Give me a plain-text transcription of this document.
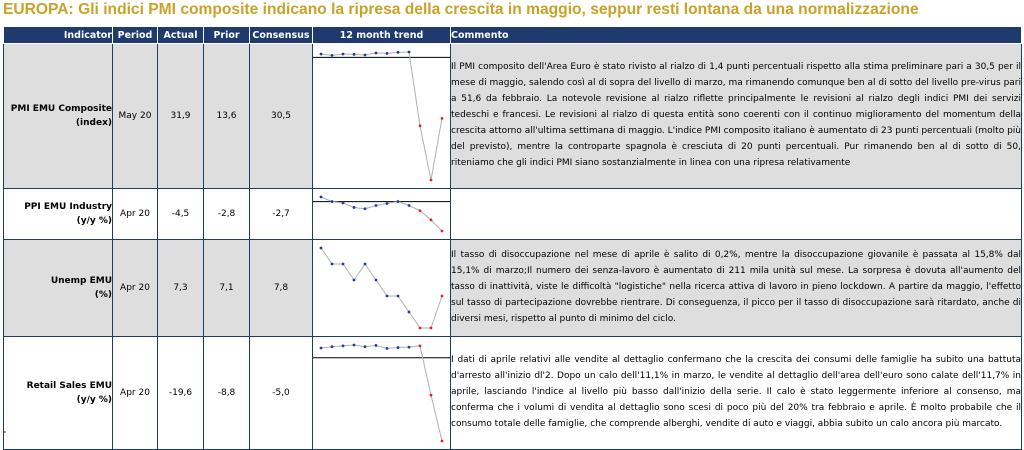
EUROPA: Gli indici PMI composite indicano la ripresa della crescita in maggio, seppur resti lontana da una normalizzazione
Indicator	Period	Actual	Prior	Consensus	12 month trend	Commento
PMI EMU Composite
(index)	May 20	31,9	13,6	30,5		Il PMI composito dell'Area Euro è stato rivisto al rialzo di 1,4 punti percentuali rispetto alla stima preliminare pari a 30,5 per il mese di maggio, salendo così al di sopra del livello di marzo, ma rimanendo comunque ben al di sotto del livello pre-virus pari a 51,6 da febbraio. La notevole revisione al rialzo riflette principalmente le revisioni al rialzo degli indici PMI dei servizi tedeschi e francesi. Le revisioni al rialzo di questa entità sono coerenti con il continuo miglioramento del momentum della crescita attorno all'ultima settimana di maggio. L'indice PMI composito italiano è aumentato di 23 punti percentuali (molto più del previsto), mentre la controparte spagnola è cresciuta di 20 punti percentuali. Pur rimanendo ben al di sotto di 50, riteniamo che gli indici PMI siano sostanzialmente in linea con una ripresa relativamente
PPI EMU Industry
(y/y %)	Apr 20	-4,5	-2,8	-2,7	

Unemp EMU
(%)	Apr 20	7,3	7,1	7,8		Il tasso di disoccupazione nel mese di aprile è salito di 0,2%, mentre la disoccupazione giovanile è passata al 15,8% dal 15,1% di marzo;Il numero dei senza-lavoro è aumentato di 211 mila unità sul mese. La sorpresa è dovuta all'aumento del tasso di inattività, viste le difficoltà "logistiche" nella ricerca attiva di lavoro in pieno lockdown. A partire da maggio, l'effetto sul tasso di partecipazione dovrebbe rientrare. Di conseguenza, il picco per il tasso di disoccupazione sarà ritardato, anche di diversi mesi, rispetto al punto di minimo del ciclo.
Retail Sales EMU
(y/y %)	Apr 20	-19,6	-8,8	-5,0		I dati di aprile relativi alle vendite al dettaglio confermano che la crescita dei consumi delle famiglie ha subito una battuta d'arresto all'inizio dl'2. Dopo un calo dell'11,1% in marzo, le vendite al dettaglio dell'area dell'euro sono calate dell'11,7% in aprile, lasciando l'indice al livello più basso dall'inizio della serie. Il calo è stato leggermente inferiore al consenso, ma conferma che i volumi di vendita al dettaglio sono scesi di poco più del 20% tra febbraio e aprile. È molto probabile che il consumo totale delle famiglie, che comprende alberghi, vendite di auto e viaggi, abbia subito un calo ancora più marcato.
